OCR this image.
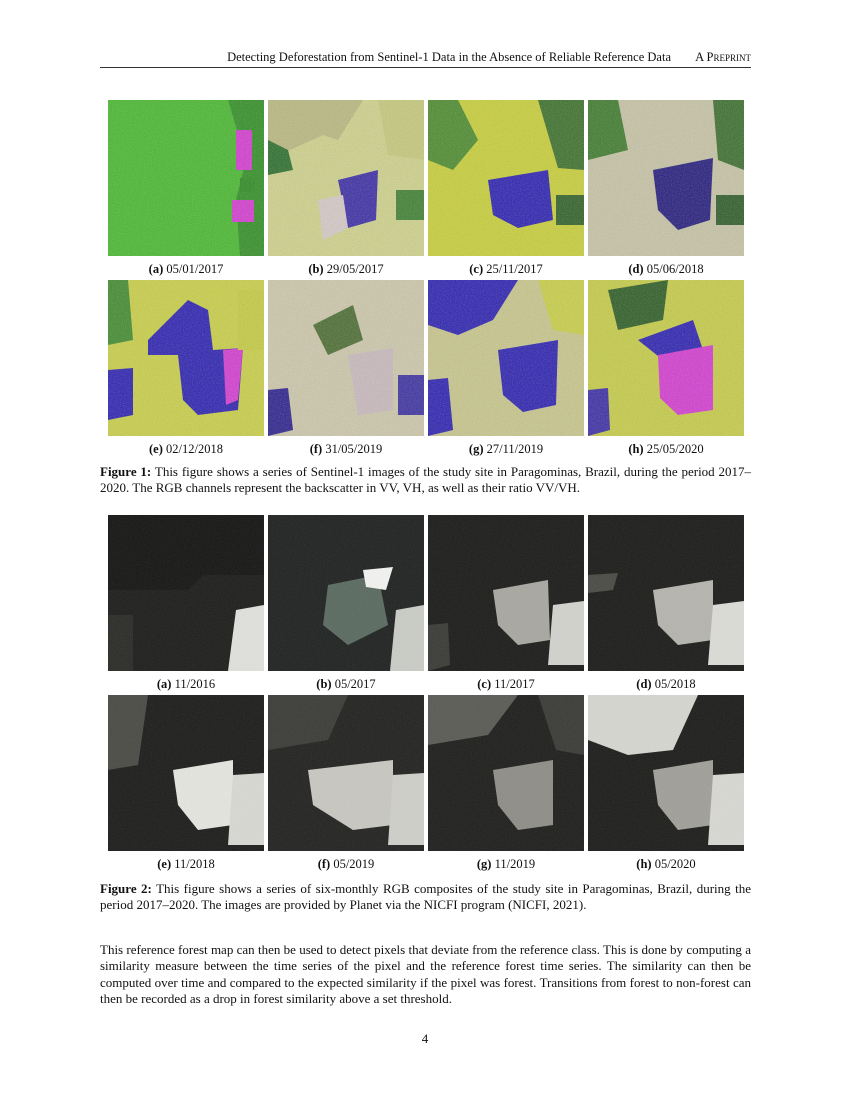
Detecting Deforestation from Sentinel-1 Data in the Absence of Reliable Reference Data A Preprint
(a) 05/01/2017	(b) 29/05/2017	(c) 25/11/2017	(d) 05/06/2018
(e) 02/12/2018	(f) 31/05/2019	(g) 27/11/2019	(h) 25/05/2020
Figure 1: This figure shows a series of Sentinel-1 images of the study site in Paragominas, Brazil, during the period 2017–2020. The RGB channels represent the backscatter in VV, VH, as well as their ratio VV/VH.
(a) 11/2016	(b) 05/2017	(c) 11/2017	(d) 05/2018
(e) 11/2018	(f) 05/2019	(g) 11/2019	(h) 05/2020
Figure 2: This figure shows a series of six-monthly RGB composites of the study site in Paragominas, Brazil, during the period 2017–2020. The images are provided by Planet via the NICFI program (NICFI, 2021).
This reference forest map can then be used to detect pixels that deviate from the reference class. This is done by computing a similarity measure between the time series of the pixel and the reference forest time series. The similarity can then be computed over time and compared to the expected similarity if the pixel was forest. Transitions from forest to non-forest can then be recorded as a drop in forest similarity above a set threshold.
4
